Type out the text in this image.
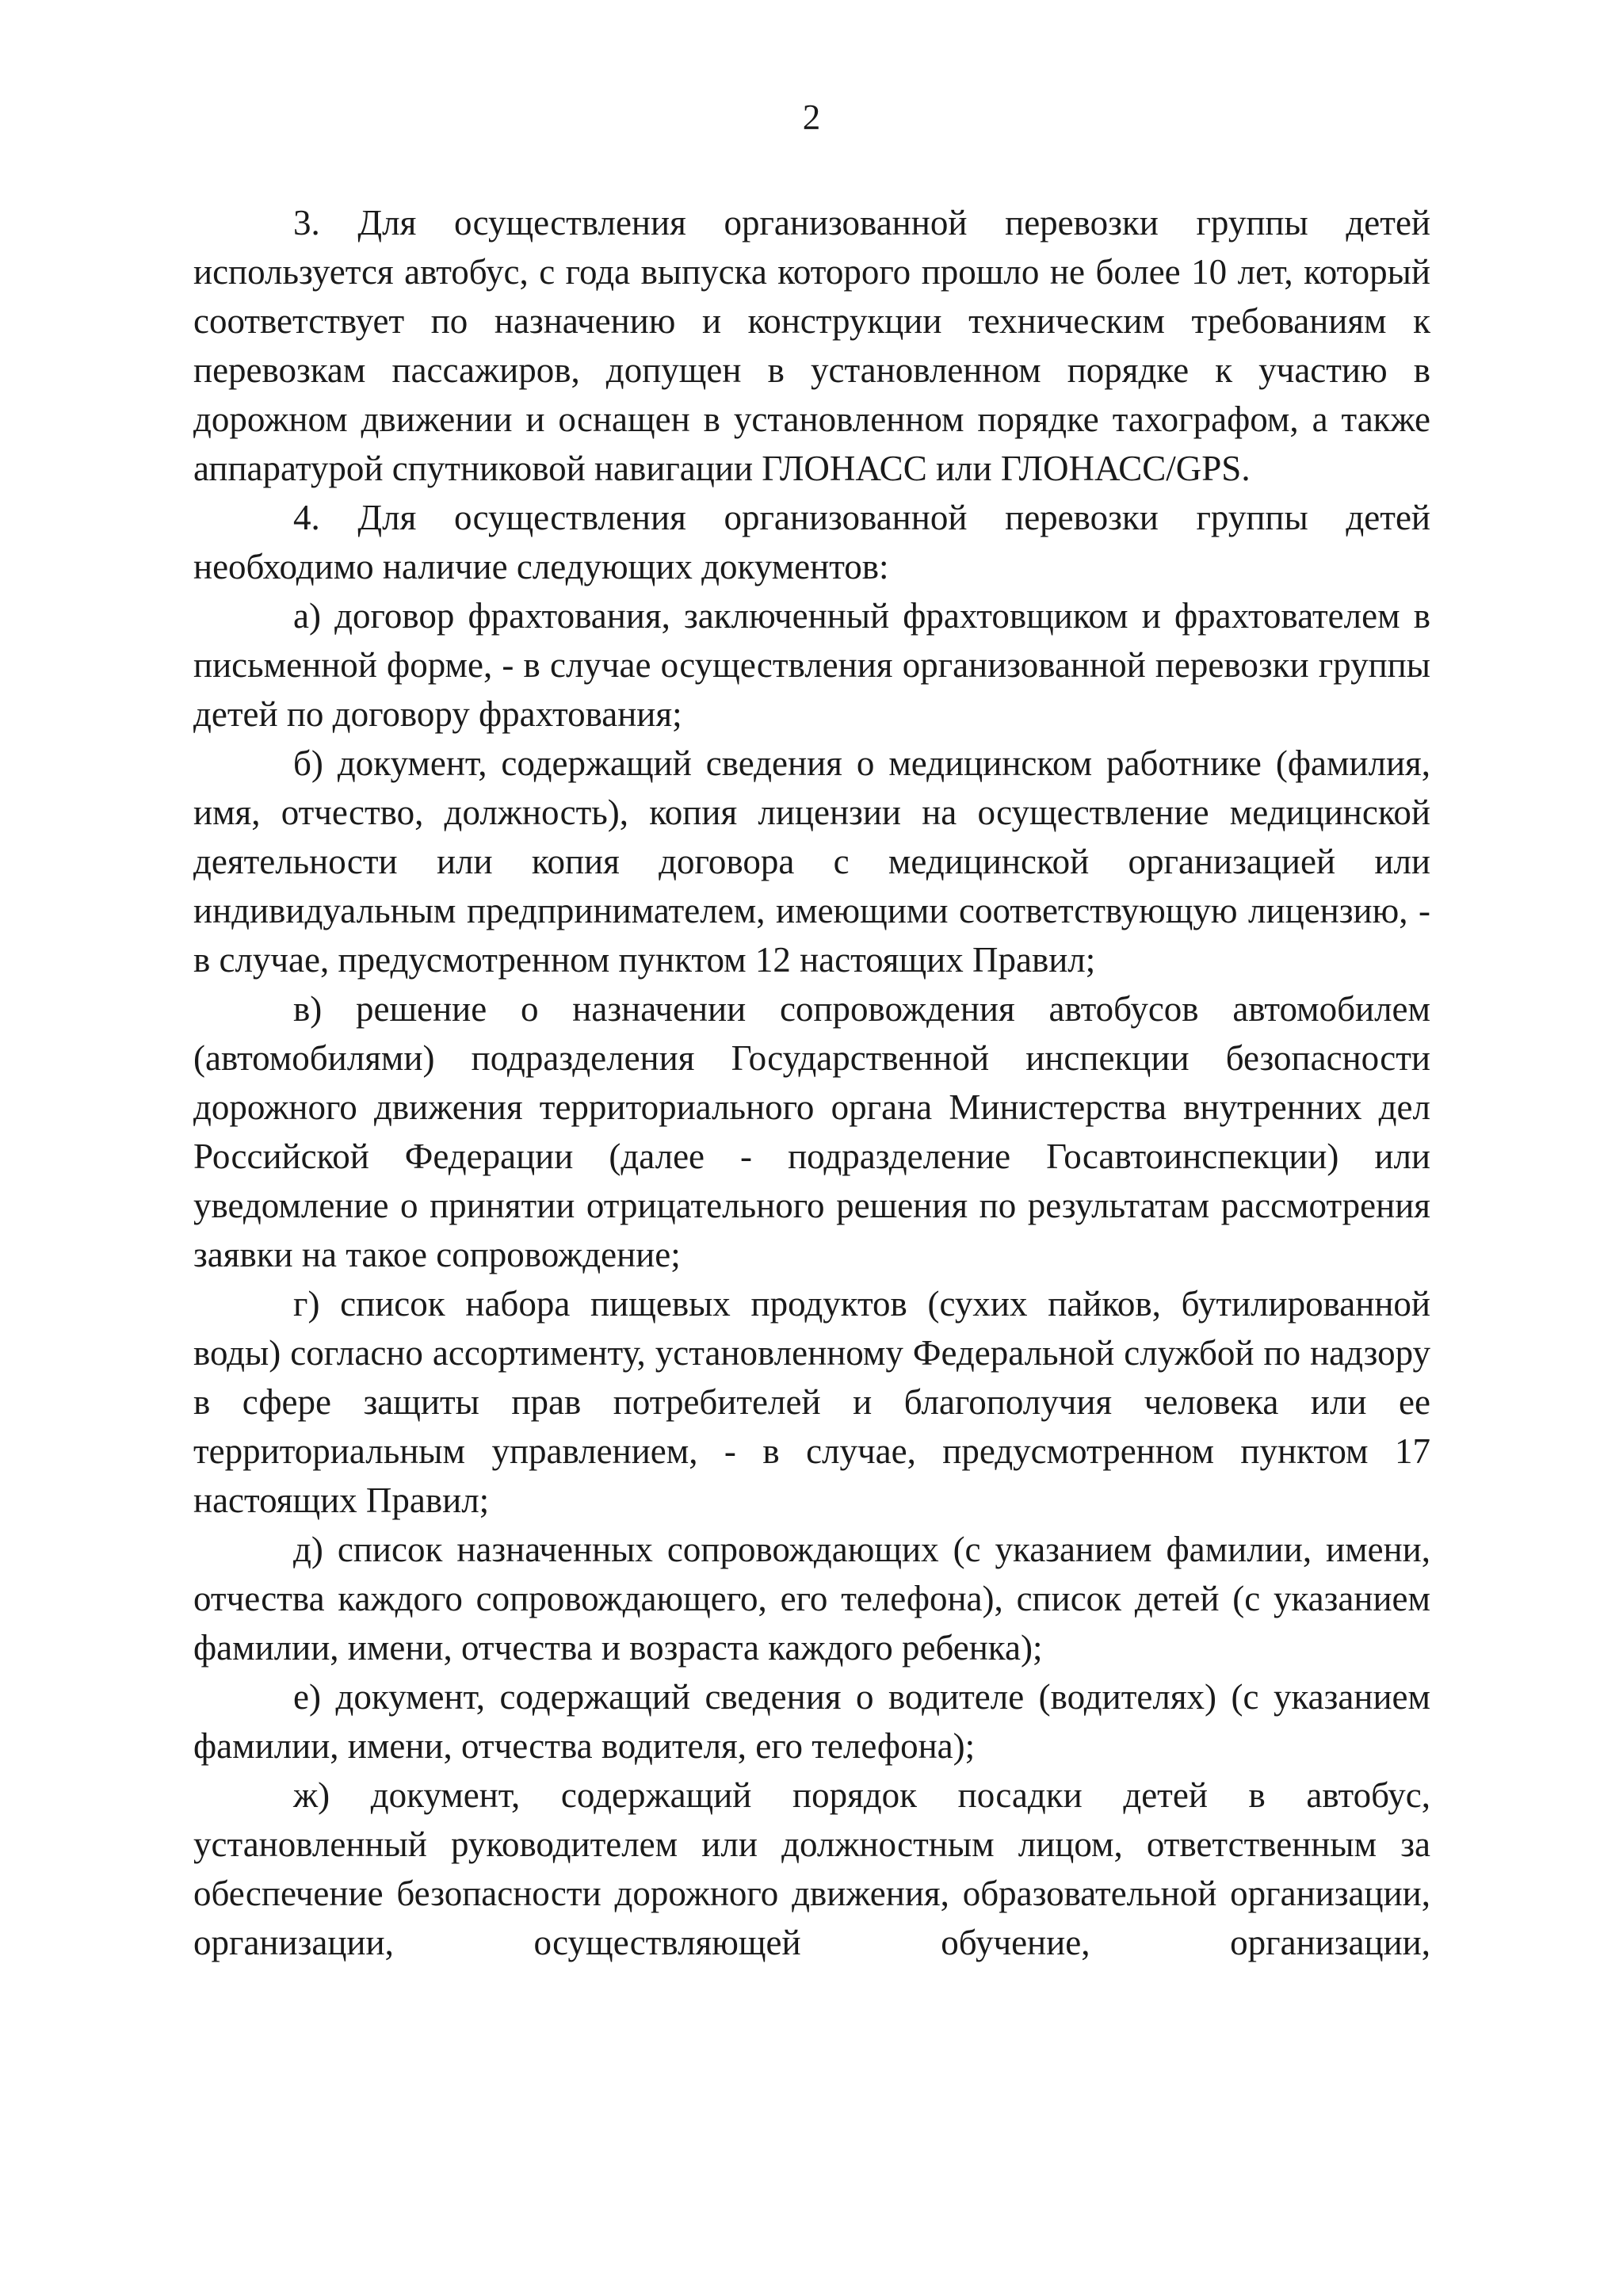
2

3. Для осуществления организованной перевозки группы детей используется автобус, с года выпуска которого прошло не более 10 лет, который соответствует по назначению и конструкции техническим требованиям к перевозкам пассажиров, допущен в установленном порядке к участию в дорожном движении и оснащен в установленном порядке тахографом, а также аппаратурой спутниковой навигации ГЛОНАСС или ГЛОНАСС/GPS.

4. Для осуществления организованной перевозки группы детей необходимо наличие следующих документов:

а) договор фрахтования, заключенный фрахтовщиком и фрахтователем в письменной форме, - в случае осуществления организованной перевозки группы детей по договору фрахтования;

б) документ, содержащий сведения о медицинском работнике (фамилия, имя, отчество, должность), копия лицензии на осуществление медицинской деятельности или копия договора с медицинской организацией или индивидуальным предпринимателем, имеющими соответствующую лицензию, - в случае, предусмотренном пунктом 12 настоящих Правил;

в) решение о назначении сопровождения автобусов автомобилем (автомобилями) подразделения Государственной инспекции безопасности дорожного движения территориального органа Министерства внутренних дел Российской Федерации (далее - подразделение Госавтоинспекции) или уведомление о принятии отрицательного решения по результатам рассмотрения заявки на такое сопровождение;

г) список набора пищевых продуктов (сухих пайков, бутилированной воды) согласно ассортименту, установленному Федеральной службой по надзору в сфере защиты прав потребителей и благополучия человека или ее территориальным управлением, - в случае, предусмотренном пунктом 17 настоящих Правил;

д) список назначенных сопровождающих (с указанием фамилии, имени, отчества каждого сопровождающего, его телефона), список детей (с указанием фамилии, имени, отчества и возраста каждого ребенка);

е) документ, содержащий сведения о водителе (водителях) (с указанием фамилии, имени, отчества водителя, его телефона);

ж) документ, содержащий порядок посадки детей в автобус, установленный руководителем или должностным лицом, ответственным за обеспечение безопасности дорожного движения, образовательной организации, организации, осуществляющей обучение, организации,
